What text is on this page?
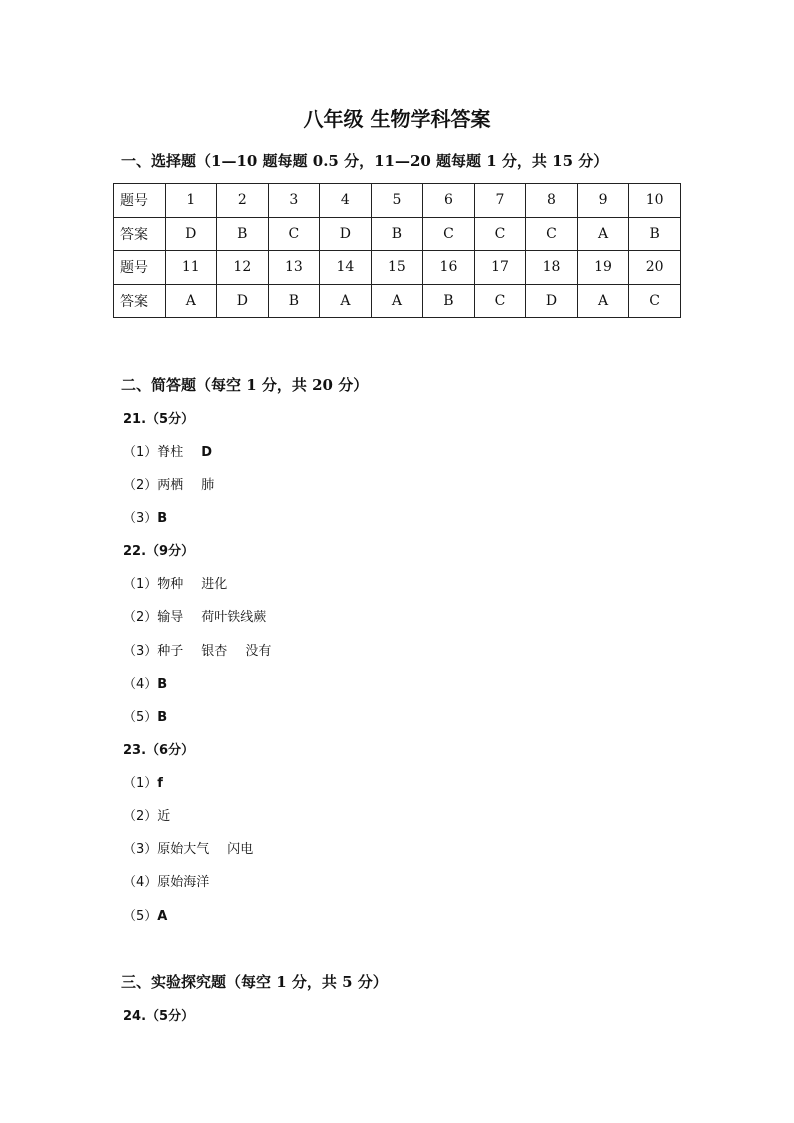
八年级 生物学科答案
一、选择题（1—10 题每题 0.5 分，11—20 题每题 1 分，共 15 分）
题号	1	2	3	4	5	6	7	8	9	10
答案	D	B	C	D	B	C	C	C	A	B
题号	11	12	13	14	15	16	17	18	19	20
答案	A	D	B	A	A	B	C	D	A	C
二、简答题（每空 1 分，共 20 分）
21.（5分）
（1）脊柱 D
（2）两栖 肺
（3）B
22.（9分）
（1）物种 进化
（2）输导 荷叶铁线蕨
（3）种子 银杏 没有
（4）B
（5）B
23.（6分）
（1）f
（2）近
（3）原始大气 闪电
（4）原始海洋
（5）A
三、实验探究题（每空 1 分，共 5 分）
24.（5分）
